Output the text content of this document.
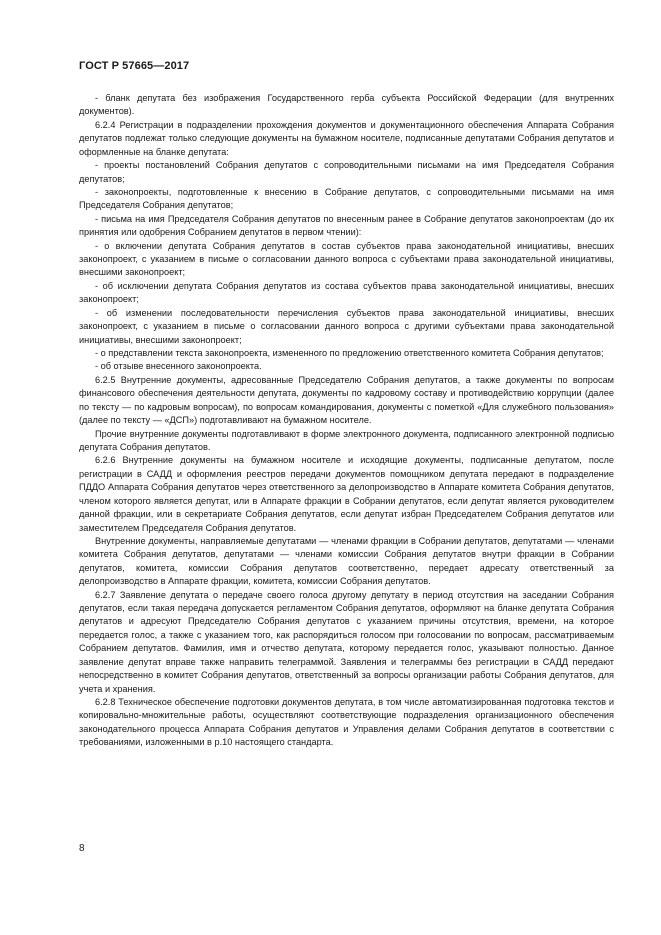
ГОСТ Р 57665—2017

- бланк депутата без изображения Государственного герба субъекта Российской Федерации (для внутренних документов).

6.2.4 Регистрации в подразделении прохождения документов и документационного обеспечения Аппарата Собрания депутатов подлежат только следующие документы на бумажном носителе, подписанные депутатами Собрания депутатов и оформленные на бланке депутата:

- проекты постановлений Собрания депутатов с сопроводительными письмами на имя Председателя Собрания депутатов;

- законопроекты, подготовленные к внесению в Собрание депутатов, с сопроводительными письмами на имя Председателя Собрания депутатов;

- письма на имя Председателя Собрания депутатов по внесенным ранее в Собрание депутатов законопроектам (до их принятия или одобрения Собранием депутатов в первом чтении):

- о включении депутата Собрания депутатов в состав субъектов права законодательной инициативы, внесших законопроект, с указанием в письме о согласовании данного вопроса с субъектами права законодательной инициативы, внесшими законопроект;

- об исключении депутата Собрания депутатов из состава субъектов права законодательной инициативы, внесших законопроект;

- об изменении последовательности перечисления субъектов права законодательной инициативы, внесших законопроект, с указанием в письме о согласовании данного вопроса с другими субъектами права законодательной инициативы, внесшими законопроект;

- о представлении текста законопроекта, измененного по предложению ответственного комитета Собрания депутатов;

- об отзыве внесенного законопроекта.

6.2.5 Внутренние документы, адресованные Председателю Собрания депутатов, а также документы по вопросам финансового обеспечения деятельности депутата, документы по кадровому составу и противодействию коррупции (далее по тексту — по кадровым вопросам), по вопросам командирования, документы с пометкой «Для служебного пользования» (далее по тексту — «ДСП») подготавливают на бумажном носителе.

Прочие внутренние документы подготавливают в форме электронного документа, подписанного электронной подписью депутата Собрания депутатов.

6.2.6 Внутренние документы на бумажном носителе и исходящие документы, подписанные депутатом, после регистрации в САДД и оформления реестров передачи документов помощником депутата передают в подразделение ПДДО Аппарата Собрания депутатов через ответственного за делопроизводство в Аппарате комитета Собрания депутатов, членом которого является депутат, или в Аппарате фракции в Собрании депутатов, если депутат является руководителем данной фракции, или в секретариате Собрания депутатов, если депутат избран Председателем Собрания депутатов или заместителем Председателя Собрания депутатов.

Внутренние документы, направляемые депутатами — членами фракции в Собрании депутатов, депутатами — членами комитета Собрания депутатов, депутатами — членами комиссии Собрания депутатов внутри фракции в Собрании депутатов, комитета, комиссии Собрания депутатов соответственно, передает адресату ответственный за делопроизводство в Аппарате фракции, комитета, комиссии Собрания депутатов.

6.2.7 Заявление депутата о передаче своего голоса другому депутату в период отсутствия на заседании Собрания депутатов, если такая передача допускается регламентом Собрания депутатов, оформляют на бланке депутата Собрания депутатов и адресуют Председателю Собрания депутатов с указанием причины отсутствия, времени, на которое передается голос, а также с указанием того, как распорядиться голосом при голосовании по вопросам, рассматриваемым Собранием депутатов. Фамилия, имя и отчество депутата, которому передается голос, указывают полностью. Данное заявление депутат вправе также направить телеграммой. Заявления и телеграммы без регистрации в САДД передают непосредственно в комитет Собрания депутатов, ответственный за вопросы организации работы Собрания депутатов, для учета и хранения.

6.2.8 Техническое обеспечение подготовки документов депутата, в том числе автоматизированная подготовка текстов и копировально-множительные работы, осуществляют соответствующие подразделения организационного обеспечения законодательного процесса Аппарата Собрания депутатов и Управления делами Собрания депутатов в соответствии с требованиями, изложенными в р.10 настоящего стандарта.

8
